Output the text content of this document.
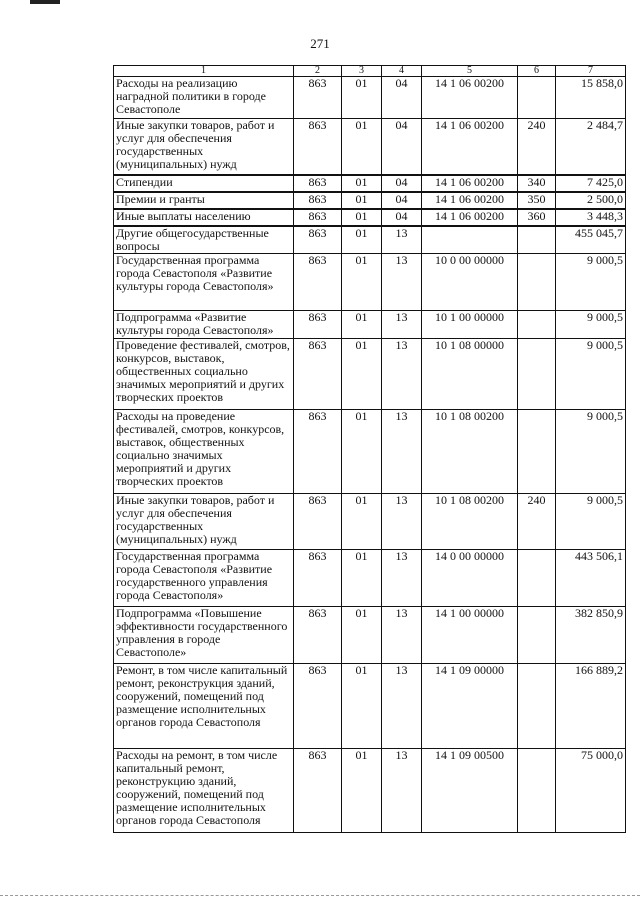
271
1	2	3	4	5	6	7
Расходы на реализацию наградной политики в городе Севастополе	863	01	04	14 1 06 00200		15 858,0
Иные закупки товаров, работ и услуг для обеспечения государственных (муниципальных) нужд	863	01	04	14 1 06 00200	240	2 484,7
Стипендии	863	01	04	14 1 06 00200	340	7 425,0
Премии и гранты	863	01	04	14 1 06 00200	350	2 500,0
Иные выплаты населению	863	01	04	14 1 06 00200	360	3 448,3
Другие общегосударственные вопросы	863	01	13			455 045,7
Государственная программа города Севастополя «Развитие культуры города Севастополя»	863	01	13	10 0 00 00000		9 000,5
Подпрограмма «Развитие культуры города Севастополя»	863	01	13	10 1 00 00000		9 000,5
Проведение фестивалей, смотров, конкурсов, выставок, общественных социально значимых мероприятий и других творческих проектов	863	01	13	10 1 08 00000		9 000,5
Расходы на проведение фестивалей, смотров, конкурсов, выставок, общественных социально значимых мероприятий и других творческих проектов	863	01	13	10 1 08 00200		9 000,5
Иные закупки товаров, работ и услуг для обеспечения государственных (муниципальных) нужд	863	01	13	10 1 08 00200	240	9 000,5
Государственная программа города Севастополя «Развитие государственного управления города Севастополя»	863	01	13	14 0 00 00000		443 506,1
Подпрограмма «Повышение эффективности государственного управления в городе Севастополе»	863	01	13	14 1 00 00000		382 850,9
Ремонт, в том числе капитальный ремонт, реконструкция зданий, сооружений, помещений под размещение исполнительных органов города Севастополя	863	01	13	14 1 09 00000		166 889,2
Расходы на ремонт, в том числе капитальный ремонт, реконструкцию зданий, сооружений, помещений под размещение исполнительных органов города Севастополя	863	01	13	14 1 09 00500		75 000,0
